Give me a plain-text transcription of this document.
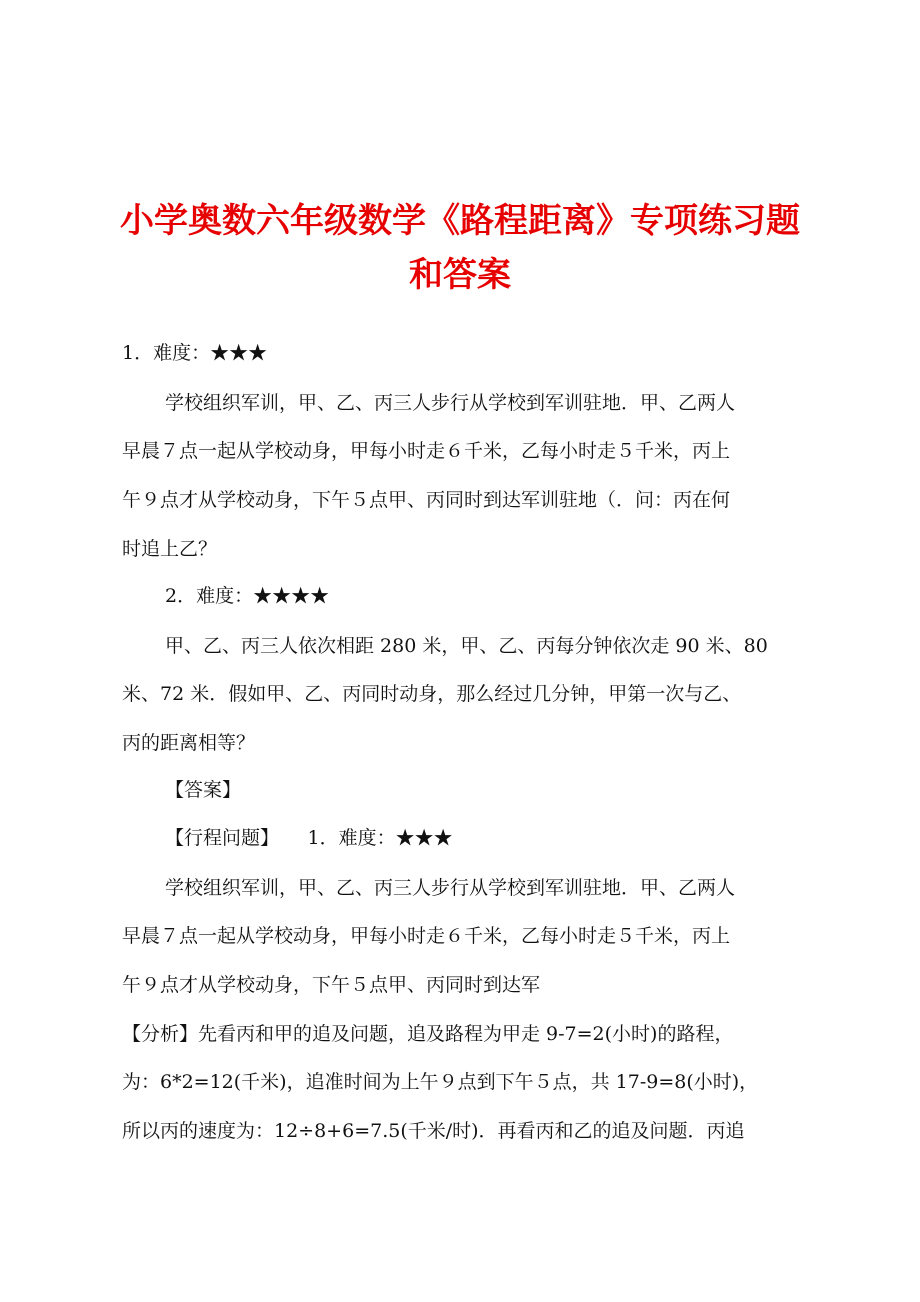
小学奥数六年级数学《路程距离》专项练习题
和答案

1．难度：★★★

学校组织军训，甲、乙、丙三人步行从学校到军训驻地．甲、乙两人

早晨７点一起从学校动身，甲每小时走６千米，乙每小时走５千米，丙上

午９点才从学校动身，下午５点甲、丙同时到达军训驻地（．问：丙在何

时追上乙？

2．难度：★★★★

甲、乙、丙三人依次相距 280 米，甲、乙、丙每分钟依次走 90 米、80

米、72 米．假如甲、乙、丙同时动身，那么经过几分钟，甲第一次与乙、

丙的距离相等？

【答案】

【行程问题】　　1．难度：★★★

学校组织军训，甲、乙、丙三人步行从学校到军训驻地．甲、乙两人

早晨７点一起从学校动身，甲每小时走６千米，乙每小时走５千米，丙上

午９点才从学校动身，下午５点甲、丙同时到达军

【分析】先看丙和甲的追及问题，追及路程为甲走 9-7=2(小时)的路程，

为：6*2=12(千米)，追准时间为上午９点到下午５点，共 17-9=8(小时)，

所以丙的速度为：12÷8+6=7.5(千米/时)．再看丙和乙的追及问题．丙追
